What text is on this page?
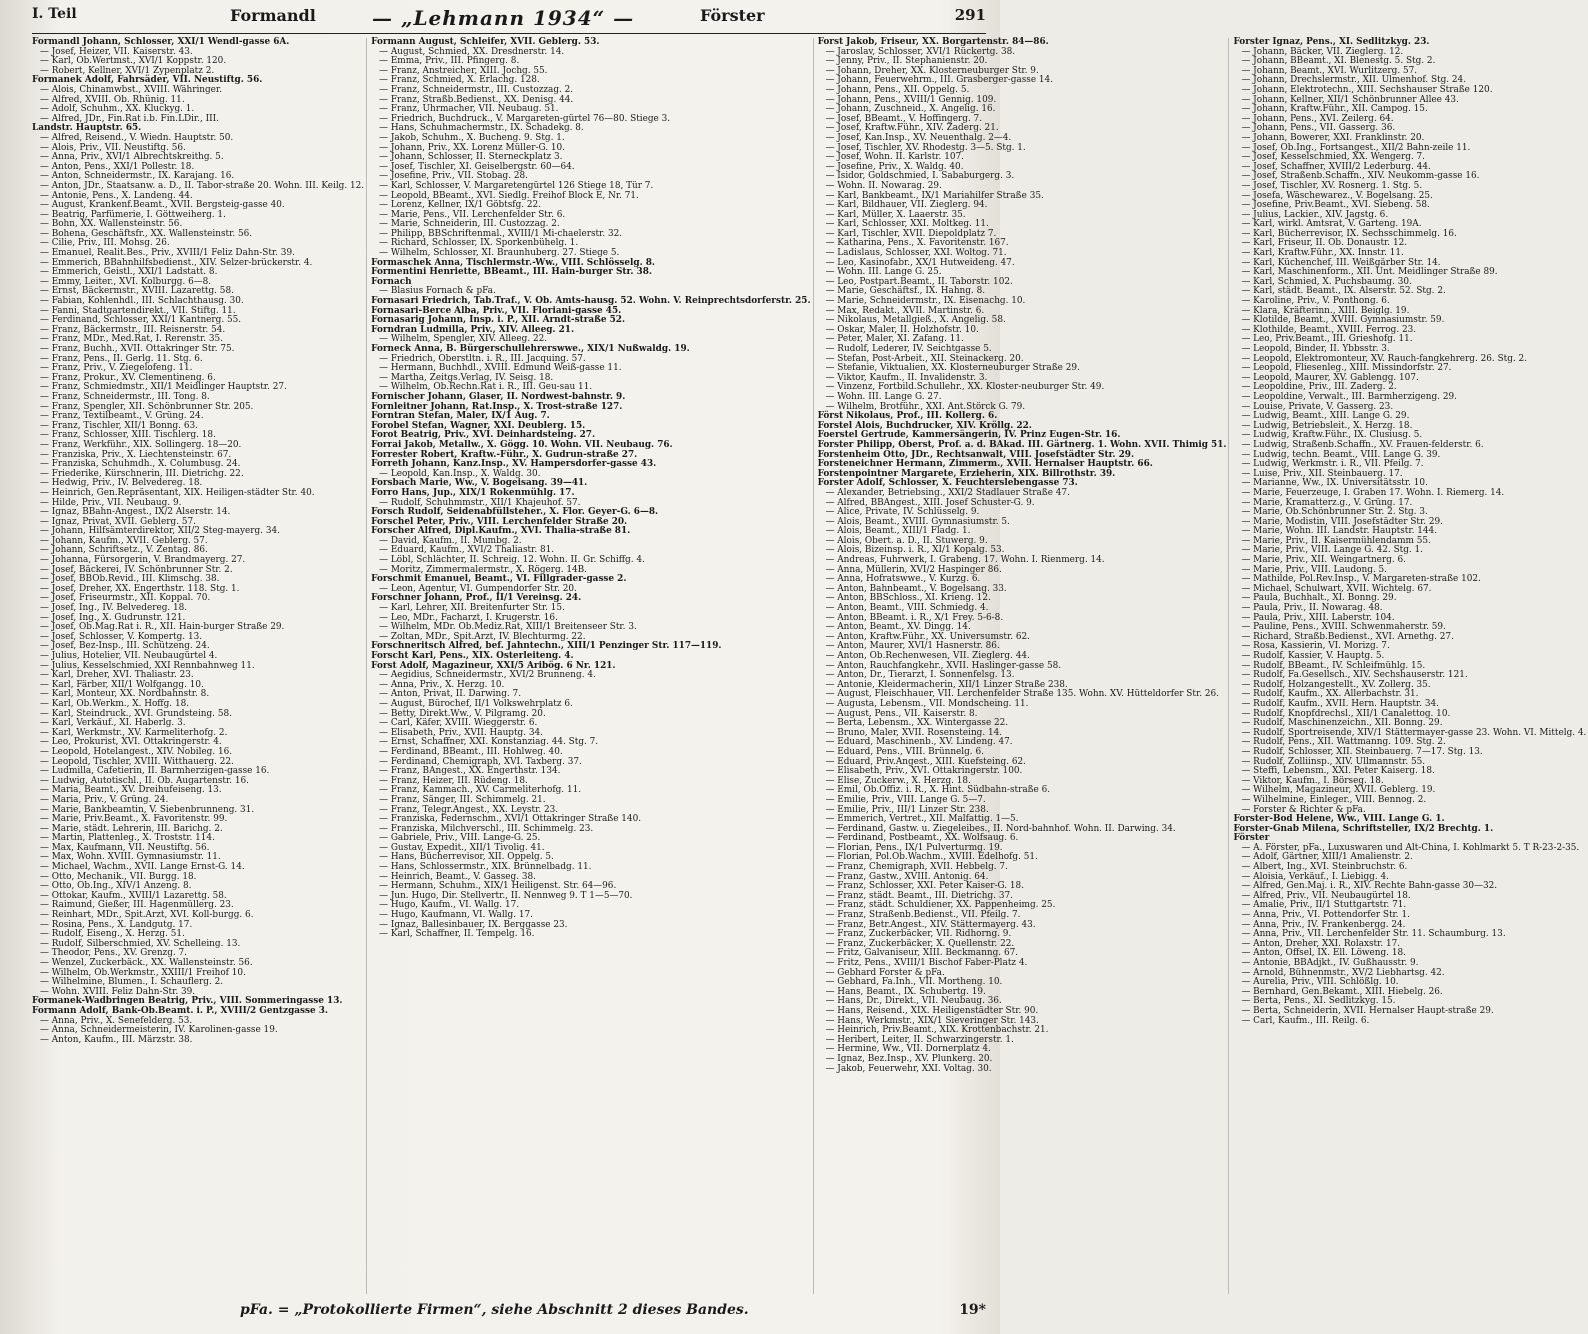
I. Teil	Formandl	— „Lehmann 1934“ —	Förster	291
Formandl Johann, Schlosser, XXI/1 Wendl-gasse 6A.
— Josef, Heizer, VII. Kaiserstr. 43.
— Karl, Ob.Wertmst., XVI/1 Koppstr. 120.
— Robert, Kellner, XVI/1 Zypenplatz 2.
Formanek Adolf, Fahrsäder, VII. Neustiftg. 56.
— Alois, Chinamwbst., XVIII. Währinger.
— Alfred, XVIII. Ob. Rhünig. 11.
— Adolf, Schuhm., XX. Kluckyg. 1.
— Alfred, JDr., Fin.Rat i.b. Fin.LDir., III.
Landstr. Hauptstr. 65.
— Alfred, Reisend., V. Wiedn. Hauptstr. 50.
— Alois, Priv., VII. Neustiftg. 56.
— Anna, Priv., XVI/1 Albrechtskreithg. 5.
— Anton, Pens., XXI/1 Pollestr. 18.
— Anton, Schneidermstr., IX. Karajang. 16.
— Anton, JDr., Staatsanw. a. D., II. Tabor-straße 20. Wohn. III. Keilg. 12.
— Antonie, Pens., X. Landeng. 44.
— August, Krankenf.Beamt., XVII. Bergsteig-gasse 40.
— Beatrig, Parfümerie, I. Göttweiherg. 1.
— Bohn, XX. Wallensteinstr. 56.
— Bohena, Geschäftsfr., XX. Wallensteinstr. 56.
— Cilie, Priv., III. Mohsg. 26.
— Emanuel, Realit.Bes., Priv., XVIII/1 Feliz Dahn-Str. 39.
— Emmerich, BBahnhilfsbedienst., XIV. Selzer-brückerstr. 4.
— Emmerich, Geistl., XXI/1 Ladstatt. 8.
— Emmy, Leiter., XVI. Kolburgg. 6—8.
— Ernst, Bäckermstr., XVIII. Lazarettg. 58.
— Fabian, Kohlenhdl., III. Schlachthausg. 30.
— Fanni, Stadtgartendirekt., VII. Stiftg. 11.
— Ferdinand, Schlosser, XXI/1 Kantnerg. 55.
— Franz, Bäckermstr., III. Reisnerstr. 54.
— Franz, MDr., Med.Rat, I. Rerenstr. 35.
— Franz, Buchh., XVII. Ottakringer Str. 75.
— Franz, Pens., II. Gerlg. 11. Stg. 6.
— Franz, Priv., V. Ziegelofeng. 11.
— Franz, Prokur., XV. Clementineng. 6.
— Franz, Schmiedmstr., XII/1 Meidlinger Hauptstr. 27.
— Franz, Schneidermstr., III. Tong. 8.
— Franz, Spengler, XII. Schönbrunner Str. 205.
— Franz, Textilbeamt., V. Grüng. 24.
— Franz, Tischler, XII/1 Bonng. 63.
— Franz, Schlosser, XIII. Tischlerg. 18.
— Franz, Werkführ., XIX. Sollingerg. 18—20.
— Franziska, Priv., X. Liechtensteinstr. 67.
— Franziska, Schuhmdh., X. Columbusg. 24.
— Friederike, Kürschnerin, III. Dietrichg. 22.
— Hedwig, Priv., IV. Belvedereg. 18.
— Heinrich, Gen.Repräsentant, XIX. Heiligen-städter Str. 40.
— Hilde, Priv., VII. Neubaug. 9.
— Ignaz, BBahn-Angest., IX/2 Alserstr. 14.
— Ignaz, Privat, XVII. Geblerg. 57.
— Johann, Hilfsämterdirektor, XII/2 Steg-mayerg. 34.
— Johann, Kaufm., XVII. Geblerg. 57.
— Johann, Schriftsetz., V. Zentag. 86.
— Johanna, Fürsorgerin, V. Brandmayerg. 27.
— Josef, Bäckerei, IV. Schönbrunner Str. 2.
— Josef, BBOb.Revid., III. Klimschg. 38.
— Josef, Dreher, XX. Engerthstr. 118. Stg. 1.
— Josef, Friseurmstr., XII. Koppal. 70.
— Josef, Ing., IV. Belvedereg. 18.
— Josef, Ing., X. Gudrunstr. 121.
— Josef, Ob.Mag.Rat i. R., XII. Hain-burger Straße 29.
— Josef, Schlosser, V. Kompertg. 13.
— Josef, Bez-Insp., III. Schützeng. 24.
— Julius, Hotelier, VII. Neubaugürtel 4.
— Julius, Kesselschmied, XXI Rennbahnweg 11.
— Karl, Dreher, XVI. Thaliastr. 23.
— Karl, Färber, XII/1 Wolfgangg. 10.
— Karl, Monteur, XX. Nordbahnstr. 8.
— Karl, Ob.Werkm., X. Hoffg. 18.
— Karl, Steindruck., XVI. Grundsteing. 58.
— Karl, Verkäuf., XI. Haberlg. 3.
— Karl, Werkmstr., XV. Karmeliterhofg. 2.
— Leo, Prokurist, XVI. Ottakringerstr. 4.
— Leopold, Hotelangest., XIV. Nobileg. 16.
— Leopold, Tischler, XVIII. Witthauerg. 22.
— Ludmilla, Cafetierin, II. Barmherzigen-gasse 16.
— Ludwig, Autotischl., II. Ob. Augartenstr. 16.
— Maria, Beamt., XV. Dreihufeiseng. 13.
— Maria, Priv., V. Grüng. 24.
— Marie, Bankbeamtin, V. Siebenbrunneng. 31.
— Marie, Priv.Beamt., X. Favoritenstr. 99.
— Marie, städt. Lehrerin, III. Barichg. 2.
— Martin, Plattenleg., X. Troststr. 114.
— Max, Kaufmann, VII. Neustiftg. 56.
— Max, Wohn. XVIII. Gymnasiumstr. 11.
— Michael, Wachm., XVII. Lange Ernst-G. 14.
— Otto, Mechanik., VII. Burgg. 18.
— Otto, Ob.Ing., XIV/1 Anzeng. 8.
— Ottokar, Kaufm., XVIII/1 Lazarettg. 58.
— Raimund, Gießer, III. Hagenmüllerg. 23.
— Reinhart, MDr., Spit.Arzt, XVI. Koll-burgg. 6.
— Rosina, Pens., X. Landgutg. 17.
— Rudolf, Eiseng., X. Herzg. 51.
— Rudolf, Silberschmied, XV. Schelleing. 13.
— Theodor, Pens., XV. Grenzg. 7.
— Wenzel, Zuckerbäck., XX. Wallensteinstr. 56.
— Wilhelm, Ob.Werkmstr., XXIII/1 Freihof 10.
— Wilhelmine, Blumen., I. Schauflerg. 2.
— Wohn. XVIII. Feliz Dahn-Str. 39.
Formanek-Wadbringen Beatrig, Priv., VIII. Sommeringasse 13.
Formann Adolf, Bank-Ob.Beamt. i. P., XVIII/2 Gentzgasse 3.
— Anna, Priv., X. Senefelderg. 53.
— Anna, Schneidermeisterin, IV. Karolinen-gasse 19.
— Anton, Kaufm., III. Märzstr. 38.
Formann August, Schleifer, XVII. Geblerg. 53.
— August, Schmied, XX. Dresdnerstr. 14.
— Emma, Priv., III. Pfingerg. 8.
— Franz, Anstreicher, XIII. Jochg. 55.
— Franz, Schmied, X. Erlachg. 128.
— Franz, Schneidermstr., III. Custozzag. 2.
— Franz, Straßb.Bedienst., XX. Denisg. 44.
— Franz, Uhrmacher, VII. Neubaug. 51.
— Friedrich, Buchdruck., V. Margareten-gürtel 76—80. Stiege 3.
— Hans, Schuhmachermstr., IX. Schadekg. 8.
— Jakob, Schuhm., X. Bucheng. 9. Stg. 1.
— Johann, Priv., XX. Lorenz Müller-G. 10.
— Johann, Schlosser, II. Sterneckplatz 3.
— Josef, Tischler, XI. Geiselbergstr. 60—64.
— Josefine, Priv., VII. Stobag. 28.
— Karl, Schlosser, V. Margaretengürtel 126 Stiege 18, Tür 7.
— Leopold, BBeamt., XVI. Siedlg. Freihof Block E, Nr. 71.
— Lorenz, Kellner, IX/1 Göbtsfg. 22.
— Marie, Pens., VII. Lerchenfelder Str. 6.
— Marie, Schneiderin, III. Custozzag. 2.
— Philipp, BBSchriftenmal., XVIII/1 Mi-chaelerstr. 32.
— Richard, Schlosser, IX. Sporkenbühelg. 1.
— Wilhelm, Schlosser, XI. Braunhuberg. 27. Stiege 5.
Formaschek Anna, Tischlermstr.-Ww., VIII. Schlösselg. 8.
Formentini Henriette, BBeamt., III. Hain-burger Str. 38.
Fornach
— Blasius Fornach & pFa.
Fornasari Friedrich, Tab.Traf., V. Ob. Amts-hausg. 52. Wohn. V. Reinprechtsdorferstr. 25.
Fornasari-Berce Alba, Priv., VII. Floriani-gasse 45.
Fornasarig Johann, Insp. i. P., XII. Arndt-straße 52.
Forndran Ludmilla, Priv., XIV. Alleeg. 21.
— Wilhelm, Spengler, XIV. Alleeg. 22.
Forneck Anna, B. Bürgerschullehrerswwe., XIX/1 Nußwaldg. 19.
— Friedrich, Oberstltn. i. R., III. Jacquing. 57.
— Hermann, Buchhdl., XVIII. Edmund Weiß-gasse 11.
— Martha, Zeitgs.Verlag, IV. Seisg. 18.
— Wilhelm, Ob.Rechn.Rat i. R., III. Geu-sau 11.
Fornischer Johann, Glaser, II. Nordwest-bahnstr. 9.
Fornleitner Johann, Rat.Insp., X. Trost-straße 127.
Forntran Stefan, Maler, IX/1 Aug. 7.
Forobel Stefan, Wagner, XXI. Deublerg. 15.
Forot Beatrig, Priv., XVI. Deinhardsteing. 27.
Forrai Jakob, Metallw., X. Gögg. 10. Wohn. VII. Neubaug. 76.
Forrester Robert, Kraftw.-Führ., X. Gudrun-straße 27.
Forreth Johann, Kanz.Insp., XV. Hampersdorfer-gasse 43.
— Leopold, Kan.Insp., X. Waldg. 30.
Forsbach Marie, Ww., V. Bogeisang. 39—41.
Forro Hans, Jup., XIX/1 Rokenmühlg. 17.
— Rudolf, Schuhmmstr., XII/1 Khajeuhof. 57.
Forsch Rudolf, Seidenabfüllsteher., X. Flor. Geyer-G. 6—8.
Forschel Peter, Priv., VIII. Lerchenfelder Straße 20.
Forscher Alfred, Dipl.Kaufm., XVI. Thalia-straße 81.
— David, Kaufm., II. Mumbg. 2.
— Eduard, Kaufm., XVI/2 Thaliastr. 81.
— Löbl, Schlächter, II. Schreig. 12. Wohn. II. Gr. Schiffg. 4.
— Moritz, Zimmermalermstr., X. Rögerg. 14B.
Forschmit Emanuel, Beamt., VI. Fillgrader-gasse 2.
— Leon, Agentur, VI. Gumpendorfer Str. 20.
Forschner Johann, Prof., II/1 Vereinsg. 24.
— Karl, Lehrer, XII. Breitenfurter Str. 15.
— Leo, MDr., Facharzt, I. Krugerstr. 16.
— Wilhelm, MDr. Ob.Mediz.Rat, XIII/1 Breitenseer Str. 3.
— Zoltan, MDr., Spit.Arzt, IV. Blechturmg. 22.
Forschneritsch Alfred, bef. Jahntechn., XIII/1 Penzinger Str. 117—119.
Forscht Karl, Pens., XIX. Osterleiteng. 4.
Forst Adolf, Magazineur, XXI/5 Aribög. 6 Nr. 121.
— Aegidius, Schneidermstr., XVI/2 Brunneng. 4.
— Anna, Priv., X. Herzg. 10.
— Anton, Privat, II. Darwing. 7.
— August, Bürochef, II/1 Volkswehrplatz 6.
— Betty, Direkt.Ww., V. Pilgramg. 20.
— Carl, Käfer, XVIII. Wieggerstr. 6.
— Elisabeth, Priv., XVII. Hauptg. 34.
— Ernst, Schaffner, XXI. Konstanziag. 44. Stg. 7.
— Ferdinand, BBeamt., III. Hohlweg. 40.
— Ferdinand, Chemigraph, XVI. Taxberg. 37.
— Franz, BAngest., XX. Engerthstr. 134.
— Franz, Heizer, III. Rüdeng. 18.
— Franz, Kammach., XV. Carmeliterhofg. 11.
— Franz, Sänger, III. Schimmelg. 21.
— Franz, Telegr.Angest., XX. Leystr. 23.
— Franziska, Federnschm., XVI/1 Ottakringer Straße 140.
— Franziska, Milchverschl., III. Schimmelg. 23.
— Gabriele, Priv., VIII. Lange-G. 25.
— Gustav, Expedit., XII/1 Tivolig. 41.
— Hans, Bücherrevisor, XII. Oppelg. 5.
— Hans, Schlossermstr., XIX. Brünnelbadg. 11.
— Heinrich, Beamt., V. Gasseg. 38.
— Hermann, Schuhm., XIX/1 Heiligenst. Str. 64—96.
— Jun. Hugo, Dir. Stellvertr., II. Nennweg 9. T 1—5—70.
— Hugo, Kaufm., VI. Wallg. 17.
— Hugo, Kaufmann, VI. Wallg. 17.
— Ignaz, Ballesinbauer, IX. Berggasse 23.
— Karl, Schaffner, II. Tempelg. 16.
Forst Jakob, Friseur, XX. Borgartenstr. 84—86.
— Jaroslav, Schlosser, XVI/1 Rückertg. 38.
— Jenny, Priv., II. Stephanienstr. 20.
— Johann, Dreher, XX. Klosterneuburger Str. 9.
— Johann, Feuerwehrm., III. Grasberger-gasse 14.
— Johann, Pens., XII. Oppelg. 5.
— Johann, Pens., XVIII/1 Gennig. 109.
— Johann, Zuschneid., X. Angelig. 16.
— Josef, BBeamt., V. Hoffingerg. 7.
— Josef, Kraftw.Führ., XIV. Zaderg. 21.
— Josef, Kan.Insp., XV. Neuenthalg. 2—4.
— Josef, Tischler, XV. Rhodestg. 3—5. Stg. 1.
— Josef, Wohn. II. Karlstr. 107.
— Josefine, Priv., X. Waldg. 40.
— Isidor, Goldschmied, I. Sababurgerg. 3.
— Wohn. II. Nowarag. 29.
— Karl, Bankbeamt., IX/1 Mariahilfer Straße 35.
— Karl, Bildhauer, VII. Zieglerg. 94.
— Karl, Müller, X. Laaerstr. 35.
— Karl, Schlosser, XXI. Moltkeg. 11.
— Karl, Tischler, XVII. Diepoldplatz 7.
— Katharina, Pens., X. Favoritenstr. 167.
— Ladislaus, Schlosser, XXI. Woltog. 71.
— Leo, Kasinofabr., XX/1 Hutweideng. 47.
— Wohn. III. Lange G. 25.
— Leo, Postpart.Beamt., II. Taborstr. 102.
— Marie, Geschäftsf., IX. Hahng. 8.
— Marie, Schneidermstr., IX. Eisenachg. 10.
— Max, Redakt., XVII. Martinstr. 6.
— Nikolaus, Metallgieß., X. Angelig. 58.
— Oskar, Maler, II. Holzhofstr. 10.
— Peter, Maler, XI. Zafang. 11.
— Rudolf, Lederer, IV. Seichtgasse 5.
— Stefan, Post-Arbeit., XII. Steinackerg. 20.
— Stefanie, Viktualien, XX. Klosterneuburger Straße 29.
— Viktor, Kaufm., II. Invalidenstr. 3.
— Vinzenz, Fortbild.Schullehr., XX. Kloster-neuburger Str. 49.
— Wohn. III. Lange G. 27.
— Wilhelm, Brotführ., XXI. Ant.Störck G. 79.
Först Nikolaus, Prof., III. Kollerg. 6.
Forstel Alois, Buchdrucker, XIV. Kröllg. 22.
Foerstel Gertrude, Kammersängerin, IV. Prinz Eugen-Str. 16.
Forster Philipp, Oberst, Prof. a. d. BAkad. III. Gärtnerg. 1. Wohn. XVII. Thimig 51.
Forstenheim Otto, JDr., Rechtsanwalt, VIII. Josefstädter Str. 29.
Forsteneichner Hermann, Zimmerm., XVII. Hernalser Hauptstr. 66.
Forstenpointner Margarete, Erzieherin, XIX. Billrothstr. 39.
Forster Adolf, Schlosser, X. Feuchterslebengasse 73.
— Alexander, Betriebsing., XXI/2 Stadlauer Straße 47.
— Alfred, BBAngest., XIII. Josef Schuster-G. 9.
— Alice, Private, IV. Schlüsselg. 9.
— Alois, Beamt., XVIII. Gymnasiumstr. 5.
— Alois, Beamt., XIII/1 Fladg. 1.
— Alois, Obert. a. D., II. Stuwerg. 9.
— Alois, Bizeinsp. i. R., XI/1 Kopalg. 53.
— Andreas, Fuhrwerk, I. Grabeng. 17. Wohn. I. Rienmerg. 14.
— Anna, Müllerin, XVI/2 Haspinger 86.
— Anna, Hofratswwe., V. Kurzg. 6.
— Anton, Bahnbeamt., V. Bogelsang. 33.
— Anton, BBSchloss., XI. Krieng. 12.
— Anton, Beamt., VIII. Schmiedg. 4.
— Anton, BBeamt. i. R., X/1 Frey. 5-6-8.
— Anton, Beamt., XV. Dingg. 14.
— Anton, Kraftw.Führ., XX. Universumstr. 62.
— Anton, Maurer, XVI/1 Hasnerstr. 86.
— Anton, Ob.Rechenwesen, VII. Zieglerg. 44.
— Anton, Rauchfangkehr., XVII. Haslinger-gasse 58.
— Anton, Dr., Tierarzt, I. Sonnenfelsg. 13.
— Antonie, Kleidermacherin, XII/1 Linzer Straße 238.
— August, Fleischhauer, VII. Lerchenfelder Straße 135. Wohn. XV. Hütteldorfer Str. 26.
— Augusta, Lebensm., VII. Mondscheing. 11.
— August, Pens., VII. Kaiserstr. 8.
— Berta, Lebensm., XX. Wintergasse 22.
— Bruno, Maler, XVII. Rosensteing. 14.
— Eduard, Maschinenb., XV. Lindeng. 47.
— Eduard, Pens., VIII. Brünnelg. 6.
— Eduard, Priv.Angest., XIII. Kuefsteing. 62.
— Elisabeth, Priv., XVI. Ottakringerstr. 100.
— Elise, Zuckerw., X. Herzg. 18.
— Emil, Ob.Offiz. i. R., X. Hint. Südbahn-straße 6.
— Emilie, Priv., VIII. Lange G. 5—7.
— Emilie, Priv., III/1 Linzer Str. 238.
— Emmerich, Vertret., XII. Malfattig. 1—5.
— Ferdinand, Gastw. u. Ziegeleibes., II. Nord-bahnhof. Wohn. II. Darwing. 34.
— Ferdinand, Postbeamt., XX. Wolfsaug. 6.
— Florian, Pens., IX/1 Pulverturmg. 19.
— Florian, Pol.Ob.Wachm., XVIII. Edelhofg. 51.
— Franz, Chemigraph, XVII. Hebbelg. 7.
— Franz, Gastw., XVIII. Antonig. 64.
— Franz, Schlosser, XXI. Peter Kaiser-G. 18.
— Franz, städt. Beamt., III. Dietrichg. 37.
— Franz, städt. Schuldiener, XX. Pappenheimg. 25.
— Franz, Straßenb.Bedienst., VII. Pfeilg. 7.
— Franz, Betr.Angest., XIV. Stättermayerg. 43.
— Franz, Zuckerbäcker, VII. Ridhorng. 9.
— Franz, Zuckerbäcker, X. Quellenstr. 22.
— Fritz, Galvaniseur, XIII. Beckmanng. 67.
— Fritz, Pens., XVIII/1 Bischof Faber-Platz 4.
— Gebhard Forster & pFa.
— Gebhard, Fa.Inh., VII. Mortheng. 10.
— Hans, Beamt., IX. Schubertg. 19.
— Hans, Dr., Direkt., VII. Neubaug. 36.
— Hans, Reisend., XIX. Heiligenstädter Str. 90.
— Hans, Werkmstr., XIX/1 Sieveringer Str. 143.
— Heinrich, Priv.Beamt., XIX. Krottenbachstr. 21.
— Heribert, Leiter, II. Schwarzingerstr. 1.
— Hermine, Ww., VII. Dornerplatz 4.
— Ignaz, Bez.Insp., XV. Plunkerg. 20.
— Jakob, Feuerwehr, XXI. Voltag. 30.
Forster Ignaz, Pens., XI. Sedlitzkyg. 23.
— Johann, Bäcker, VII. Zieglerg. 12.
— Johann, BBeamt., XI. Blenestg. 5. Stg. 2.
— Johann, Beamt., XVI. Wurlitzerg. 57.
— Johann, Drechslermstr., XII. Ulmenhof. Stg. 24.
— Johann, Elektrotechn., XIII. Sechshauser Straße 120.
— Johann, Kellner, XII/1 Schönbrunner Allee 43.
— Johann, Kraftw.Führ., XII. Campog. 15.
— Johann, Pens., XVI. Zeilerg. 64.
— Johann, Pens., VII. Gasserg. 36.
— Johann, Bowerer, XXI. Franklinstr. 20.
— Josef, Ob.Ing., Fortsangest., XII/2 Bahn-zeile 11.
— Josef, Kesselschmied, XX. Wengerg. 7.
— Josef, Schaffner, XVIII/2 Lederburg. 44.
— Josef, Straßenb.Schaffn., XIV. Neukomm-gasse 16.
— Josef, Tischler, XV. Rosnerg. 1. Stg. 5.
— Josefa, Wäschewarez., V. Bogelsang. 25.
— Josefine, Priv.Beamt., XVI. Siebeng. 58.
— Julius, Lackier., XIV. Jagstg. 6.
— Karl, wirkl. Amtsrat, V. Garteng. 19A.
— Karl, Bücherrevisor, IX. Sechsschimmelg. 16.
— Karl, Friseur, II. Ob. Donaustr. 12.
— Karl, Kraftw.Führ., XX. Innstr. 11.
— Karl, Küchenchef, III. Weißgärber Str. 14.
— Karl, Maschinenform., XII. Unt. Meidlinger Straße 89.
— Karl, Schmied, X. Puchsbaumg. 30.
— Karl, städt. Beamt., IX. Alserstr. 52. Stg. 2.
— Karoline, Priv., V. Ponthong. 6.
— Klara, Kräfterinn., XIII. Beiglg. 19.
— Klotilde, Beamt., XVIII. Gymnasiumstr. 59.
— Klothilde, Beamt., XVIII. Ferrog. 23.
— Leo, Priv.Beamt., III. Grieshofg. 11.
— Leopold, Binder, II. Ybbsstr. 3.
— Leopold, Elektromonteur, XV. Rauch-fangkehrerg. 26. Stg. 2.
— Leopold, Fliesenleg., XIII. Missindorfstr. 27.
— Leopold, Maurer, XV. Gablengg. 107.
— Leopoldine, Priv., III. Zaderg. 2.
— Leopoldine, Verwalt., III. Barmherzigeng. 29.
— Louise, Private, V. Gasserg. 23.
— Ludwig, Beamt., XIII. Lange G. 29.
— Ludwig, Betriebsleit., X. Herzg. 18.
— Ludwig, Kraftw.Führ., IX. Clusiusg. 5.
— Ludwig, Straßenb.Schaffn., XV. Frauen-felderstr. 6.
— Ludwig, techn. Beamt., VIII. Lange G. 39.
— Ludwig, Werkmstr. i. R., VII. Pfeilg. 7.
— Luise, Priv., XII. Steinbauerg. 17.
— Marianne, Ww., IX. Universitätsstr. 10.
— Marie, Feuerzeuge, I. Graben 17. Wohn. I. Riemerg. 14.
— Marie, Kramatterz.g., V. Grüng. 17.
— Marie, Ob.Schönbrunner Str. 2. Stg. 3.
— Marie, Modistin, VIII. Josefstädter Str. 29.
— Marie, Wohn. III. Landstr. Hauptstr. 144.
— Marie, Priv., II. Kaisermühlendamm 55.
— Marie, Priv., VIII. Lange G. 42. Stg. 1.
— Marie, Priv., XII. Weingartnerg. 6.
— Marie, Priv., VIII. Laudong. 5.
— Mathilde, Pol.Rev.Insp., V. Margareten-straße 102.
— Michael, Schulwart, XVII. Wichtelg. 67.
— Paula, Buchhalt., XI. Bonng. 29.
— Paula, Priv., II. Nowarag. 48.
— Paula, Priv., XIII. Laberstr. 104.
— Pauline, Pens., XVIII. Schwenmaherstr. 59.
— Richard, Straßb.Bedienst., XVI. Arnethg. 27.
— Rosa, Kassierin, VI. Morizg. 7.
— Rudolf, Kassier, V. Hauptg. 5.
— Rudolf, BBeamt., IV. Schleifmühlg. 15.
— Rudolf, Fa.Gesellsch., XIV. Sechshauserstr. 121.
— Rudolf, Holzangestellt., XV. Zollerg. 35.
— Rudolf, Kaufm., XX. Allerbachstr. 31.
— Rudolf, Kaufm., XVII. Hern. Hauptstr. 34.
— Rudolf, Knopfdrechsl., XII/1 Canalettog. 10.
— Rudolf, Maschinenzeichn., XII. Bonng. 29.
— Rudolf, Sportreisende, XIV/1 Stättermayer-gasse 23. Wohn. VI. Mittelg. 4.
— Rudolf, Pens., XII. Wattmanng. 109. Stg. 2.
— Rudolf, Schlosser, XII. Steinbauerg. 7—17. Stg. 13.
— Rudolf, Zolliinsp., XIV. Ullmannstr. 55.
— Steffi, Lebensm., XXI. Peter Kaiserg. 18.
— Viktor, Kaufm., I. Börseg. 18.
— Wilhelm, Magazineur, XVII. Geblerg. 19.
— Wilhelmine, Einleger., VIII. Bennog. 2.
— Forster & Richter & pFa.
Forster-Bod Helene, Ww., VIII. Lange G. 1.
Forster-Gnab Milena, Schriftsteller, IX/2 Brechtg. 1.
Förster
— A. Förster, pFa., Luxuswaren und Alt-China, I. Kohlmarkt 5. T R-23-2-35.
— Adolf, Gärtner, XIII/1 Amalienstr. 2.
— Albert, Ing., XVI. Steinbruchstr. 6.
— Aloisia, Verkäuf., I. Liebigg. 4.
— Alfred, Gen.Maj. i. R., XIV. Rechte Bahn-gasse 30—32.
— Alfred, Priv., VII. Neubaugürtel 18.
— Amalie, Priv., II/1 Stuttgartstr. 71.
— Anna, Priv., VI. Pottendorfer Str. 1.
— Anna, Priv., IV. Frankenbergg. 24.
— Anna, Priv., VII. Lerchenfelder Str. 11. Schaumburg. 13.
— Anton, Dreher, XXI. Rolaxstr. 17.
— Anton, Offsel, IX. Ell. Löweng. 18.
— Antonie, BBAdjkt., IV. Gußhausstr. 9.
— Arnold, Bühnenmstr., XV/2 Liebhartsg. 42.
— Aurelia, Priv., VIII. Schlößlg. 10.
— Bernhard, Gen.Bekamt., XIII. Hiebelg. 26.
— Berta, Pens., XI. Sedlitzkyg. 15.
— Berta, Schneiderin, XVII. Hernalser Haupt-straße 29.
— Carl, Kaufm., III. Reilg. 6.
pFa. = „Protokollierte Firmen“, siehe Abschnitt 2 dieses Bandes.	19*
